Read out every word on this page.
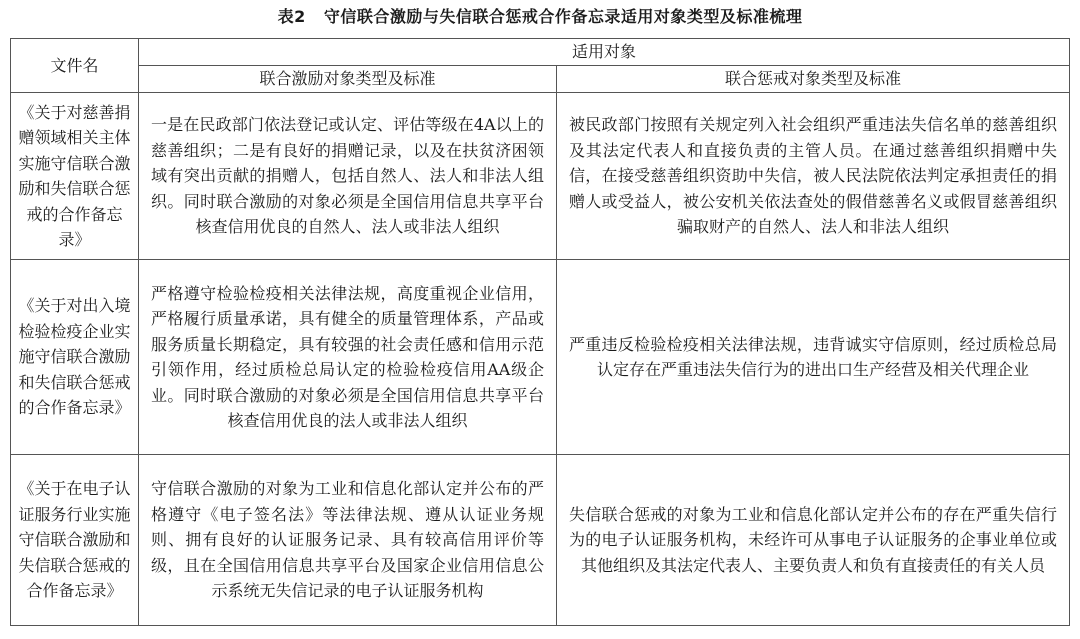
表2 守信联合激励与失信联合惩戒合作备忘录适用对象类型及标准梳理
文件名	适用对象	
	联合激励对象类型及标准	联合惩戒对象类型及标准
《关于对慈善捐赠领域相关主体实施守信联合激励和失信联合惩戒的合作备忘录》	一是在民政部门依法登记或认定、评估等级在4A以上的慈善组织；二是有良好的捐赠记录，以及在扶贫济困领域有突出贡献的捐赠人，包括自然人、法人和非法人组织。同时联合激励的对象必须是全国信用信息共享平台核查信用优良的自然人、法人或非法人组织	被民政部门按照有关规定列入社会组织严重违法失信名单的慈善组织及其法定代表人和直接负责的主管人员。在通过慈善组织捐赠中失信，在接受慈善组织资助中失信，被人民法院依法判定承担责任的捐赠人或受益人，被公安机关依法查处的假借慈善名义或假冒慈善组织骗取财产的自然人、法人和非法人组织
《关于对出入境检验检疫企业实施守信联合激励和失信联合惩戒的合作备忘录》	严格遵守检验检疫相关法律法规，高度重视企业信用，严格履行质量承诺，具有健全的质量管理体系，产品或服务质量长期稳定，具有较强的社会责任感和信用示范引领作用，经过质检总局认定的检验检疫信用AA级企业。同时联合激励的对象必须是全国信用信息共享平台核查信用优良的法人或非法人组织	严重违反检验检疫相关法律法规，违背诚实守信原则，经过质检总局认定存在严重违法失信行为的进出口生产经营及相关代理企业
《关于在电子认证服务行业实施守信联合激励和失信联合惩戒的合作备忘录》	守信联合激励的对象为工业和信息化部认定并公布的严格遵守《电子签名法》等法律法规、遵从认证业务规则、拥有良好的认证服务记录、具有较高信用评价等级，且在全国信用信息共享平台及国家企业信用信息公示系统无失信记录的电子认证服务机构	失信联合惩戒的对象为工业和信息化部认定并公布的存在严重失信行为的电子认证服务机构，未经许可从事电子认证服务的企事业单位或其他组织及其法定代表人、主要负责人和负有直接责任的有关人员
